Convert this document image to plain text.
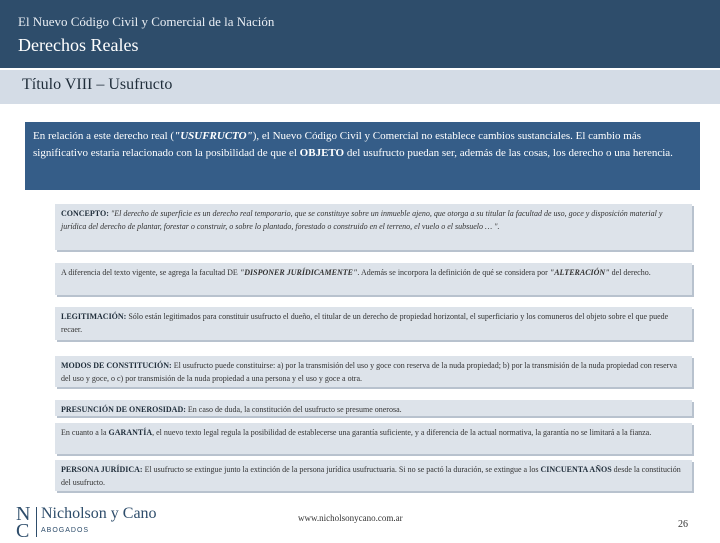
El Nuevo Código Civil y Comercial de la Nación
Derechos Reales
Título VIII – Usufructo
En relación a este derecho real ("USUFRUCTO"), el Nuevo Código Civil y Comercial no establece cambios sustanciales. El cambio más significativo estaría relacionado con la posibilidad de que el OBJETO del usufructo puedan ser, además de las cosas, los derecho o una herencia.
CONCEPTO: "El derecho de superficie es un derecho real temporario, que se constituye sobre un inmueble ajeno, que otorga a su titular la facultad de uso, goce y disposición material y jurídica del derecho de plantar, forestar o construir, o sobre lo plantado, forestado o construido en el terreno, el vuelo o el subsuelo … ".
A diferencia del texto vigente, se agrega la facultad DE "DISPONER JURÍDICAMENTE". Además se incorpora la definición de qué se considera por "ALTERACIÓN" del derecho.
LEGITIMACIÓN: Sólo están legitimados para constituir usufructo el dueño, el titular de un derecho de propiedad horizontal, el superficiario y los comuneros del objeto sobre el que puede recaer.
MODOS DE CONSTITUCIÓN: El usufructo puede constituirse: a) por la transmisión del uso y goce con reserva de la nuda propiedad; b) por la transmisión de la nuda propiedad con reserva del uso y goce, o c) por transmisión de la nuda propiedad a una persona y el uso y goce a otra.
PRESUNCIÓN DE ONEROSIDAD: En caso de duda, la constitución del usufructo se presume onerosa.
En cuanto a la GARANTÍA, el nuevo texto legal regula la posibilidad de establecerse una garantía suficiente, y a diferencia de la actual normativa, la garantía no se limitará a la fianza.
PERSONA JURÍDICA: El usufructo se extingue junto la extinción de la persona jurídica usufructuaria. Si no se pactó la duración, se extingue a los CINCUENTA AÑOS desde la constitución del usufructo.
N
C
Nicholson y Cano
ABOGADOS
www.nicholsonycano.com.ar
26
